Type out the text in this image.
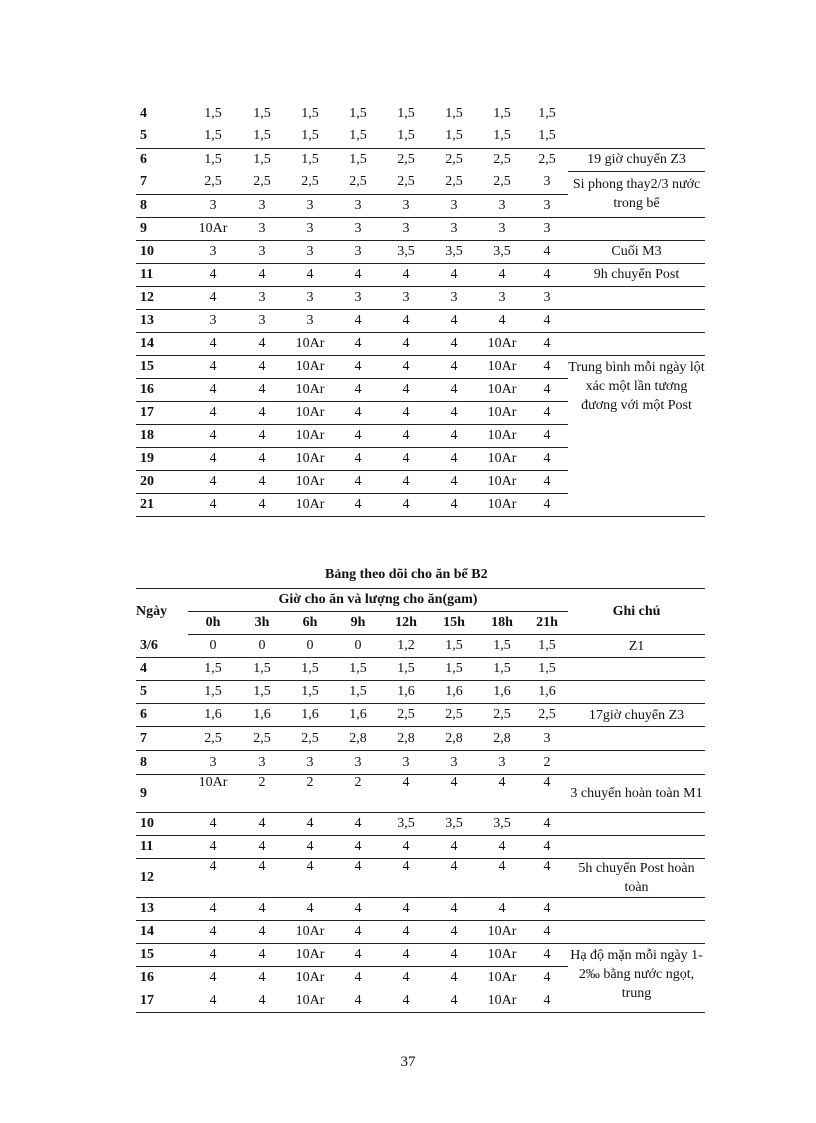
4	1,5	1,5	1,5	1,5	1,5	1,5	1,5	1,5	
5	1,5	1,5	1,5	1,5	1,5	1,5	1,5	1,5	
6	1,5	1,5	1,5	1,5	2,5	2,5	2,5	2,5	19 giờ chuyển Z3
7	2,5	2,5	2,5	2,5	2,5	2,5	2,5	3	Si phong thay2/3 nước trong bể
8	3	3	3	3	3	3	3	3	
9	10Ar	3	3	3	3	3	3	3	
10	3	3	3	3	3,5	3,5	3,5	4	Cuối M3
11	4	4	4	4	4	4	4	4	9h chuyển Post
12	4	3	3	3	3	3	3	3	
13	3	3	3	4	4	4	4	4	
14	4	4	10Ar	4	4	4	10Ar	4	
15	4	4	10Ar	4	4	4	10Ar	4	Trung bình mỗi ngày lột xác một lần tương đương với một Post
16	4	4	10Ar	4	4	4	10Ar	4	
17	4	4	10Ar	4	4	4	10Ar	4	
18	4	4	10Ar	4	4	4	10Ar	4	
19	4	4	10Ar	4	4	4	10Ar	4	
20	4	4	10Ar	4	4	4	10Ar	4	
21	4	4	10Ar	4	4	4	10Ar	4	
Bảng theo dõi cho ăn bể B2
Ngày	Giờ cho ăn và lượng cho ăn(gam)								Ghi chú
	0h	3h	6h	9h	12h	15h	18h	21h	
3/6	0	0	0	0	1,2	1,5	1,5	1,5	Z1
4	1,5	1,5	1,5	1,5	1,5	1,5	1,5	1,5	
5	1,5	1,5	1,5	1,5	1,6	1,6	1,6	1,6	
6	1,6	1,6	1,6	1,6	2,5	2,5	2,5	2,5	17giờ chuyển Z3
7	2,5	2,5	2,5	2,8	2,8	2,8	2,8	3	
8	3	3	3	3	3	3	3	2	
9	10Ar	2	2	2	4	4	4	4	3 chuyển hoàn toàn M1
10	4	4	4	4	3,5	3,5	3,5	4	
11	4	4	4	4	4	4	4	4	
12	4	4	4	4	4	4	4	4	5h chuyển Post hoàn toàn
13	4	4	4	4	4	4	4	4	
14	4	4	10Ar	4	4	4	10Ar	4	
15	4	4	10Ar	4	4	4	10Ar	4	Hạ độ mặn mỗi ngày 1-2‰ bằng nước ngọt, trung
16	4	4	10Ar	4	4	4	10Ar	4	
17	4	4	10Ar	4	4	4	10Ar	4	
37
